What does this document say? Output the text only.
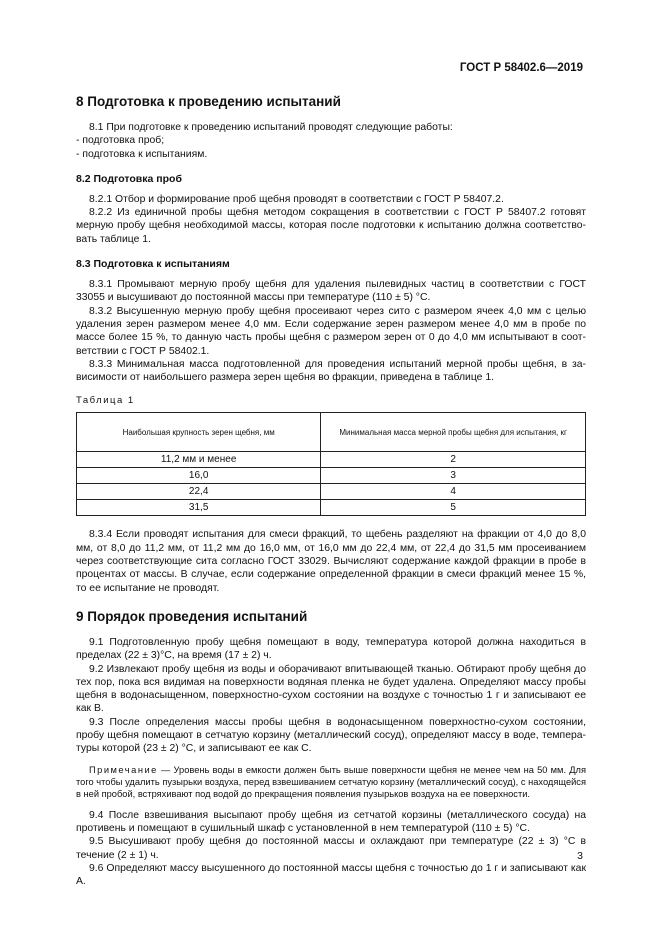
ГОСТ Р 58402.6—2019
8 Подготовка к проведению испытаний

8.1 При подготовке к проведению испытаний проводят следующие работы:

- подготовка проб;

- подготовка к испытаниям.

8.2 Подготовка проб

8.2.1 Отбор и формирование проб щебня проводят в соответствии с ГОСТ Р 58407.2.

8.2.2 Из единичной пробы щебня методом сокращения в соответствии с ГОСТ Р 58407.2 готовят мерную пробу щебня необходимой массы, которая после подготовки к испытанию должна соответствовать таблице 1.

8.3 Подготовка к испытаниям

8.3.1 Промывают мерную пробу щебня для удаления пылевидных частиц в соответствии с ГОСТ 33055 и высушивают до постоянной массы при температуре (110 ± 5) °С.

8.3.2 Высушенную мерную пробу щебня просеивают через сито с размером ячеек 4,0 мм с целью удаления зерен размером менее 4,0 мм. Если содержание зерен размером менее 4,0 мм в пробе по массе более 15 %, то данную часть пробы щебня с размером зерен от 0 до 4,0 мм испытывают в соответствии с ГОСТ Р 58402.1.

8.3.3 Минимальная масса подготовленной для проведения испытаний мерной пробы щебня, в зависимости от наибольшего размера зерен щебня во фракции, приведена в таблице 1.

Таблица 1
Наибольшая крупность зерен щебня, мм	Минимальная масса мерной пробы щебня для испытания, кг
11,2 мм и менее	2
16,0	3
22,4	4
31,5	5

8.3.4 Если проводят испытания для смеси фракций, то щебень разделяют на фракции от 4,0 до 8,0 мм, от 8,0 до 11,2 мм, от 11,2 мм до 16,0 мм, от 16,0 мм до 22,4 мм, от 22,4 до 31,5 мм просеиванием через соответствующие сита согласно ГОСТ 33029. Вычисляют содержание каждой фракции в пробе в процентах от массы. В случае, если содержание определенной фракции в смеси фракций менее 15 %, то ее испытание не проводят.

9 Порядок проведения испытаний

9.1 Подготовленную пробу щебня помещают в воду, температура которой должна находиться в пределах (22 ± 3)°С, на время (17 ± 2) ч.

9.2 Извлекают пробу щебня из воды и оборачивают впитывающей тканью. Обтирают пробу щебня до тех пор, пока вся видимая на поверхности водяная пленка не будет удалена. Определяют массу пробы щебня в водонасыщенном, поверхностно-сухом состоянии на воздухе с точностью 1 г и записывают ее как В.

9.3 После определения массы пробы щебня в водонасыщенном поверхностно-сухом состоянии, пробу щебня помещают в сетчатую корзину (металлический сосуд), определяют массу в воде, температуры которой (23 ± 2) °С, и записывают ее как С.

Примечание — Уровень воды в емкости должен быть выше поверхности щебня не менее чем на 50 мм. Для того чтобы удалить пузырьки воздуха, перед взвешиванием сетчатую корзину (металлический сосуд), с находящейся в ней пробой, встряхивают под водой до прекращения появления пузырьков воздуха на ее поверхности.

9.4 После взвешивания высыпают пробу щебня из сетчатой корзины (металлического сосуда) на противень и помещают в сушильный шкаф с установленной в нем температурой (110 ± 5) °С.

9.5 Высушивают пробу щебня до постоянной массы и охлаждают при температуре (22 ± 3) °С в течение (2 ± 1) ч.

9.6 Определяют массу высушенного до постоянной массы щебня с точностью до 1 г и записывают как А.

3
